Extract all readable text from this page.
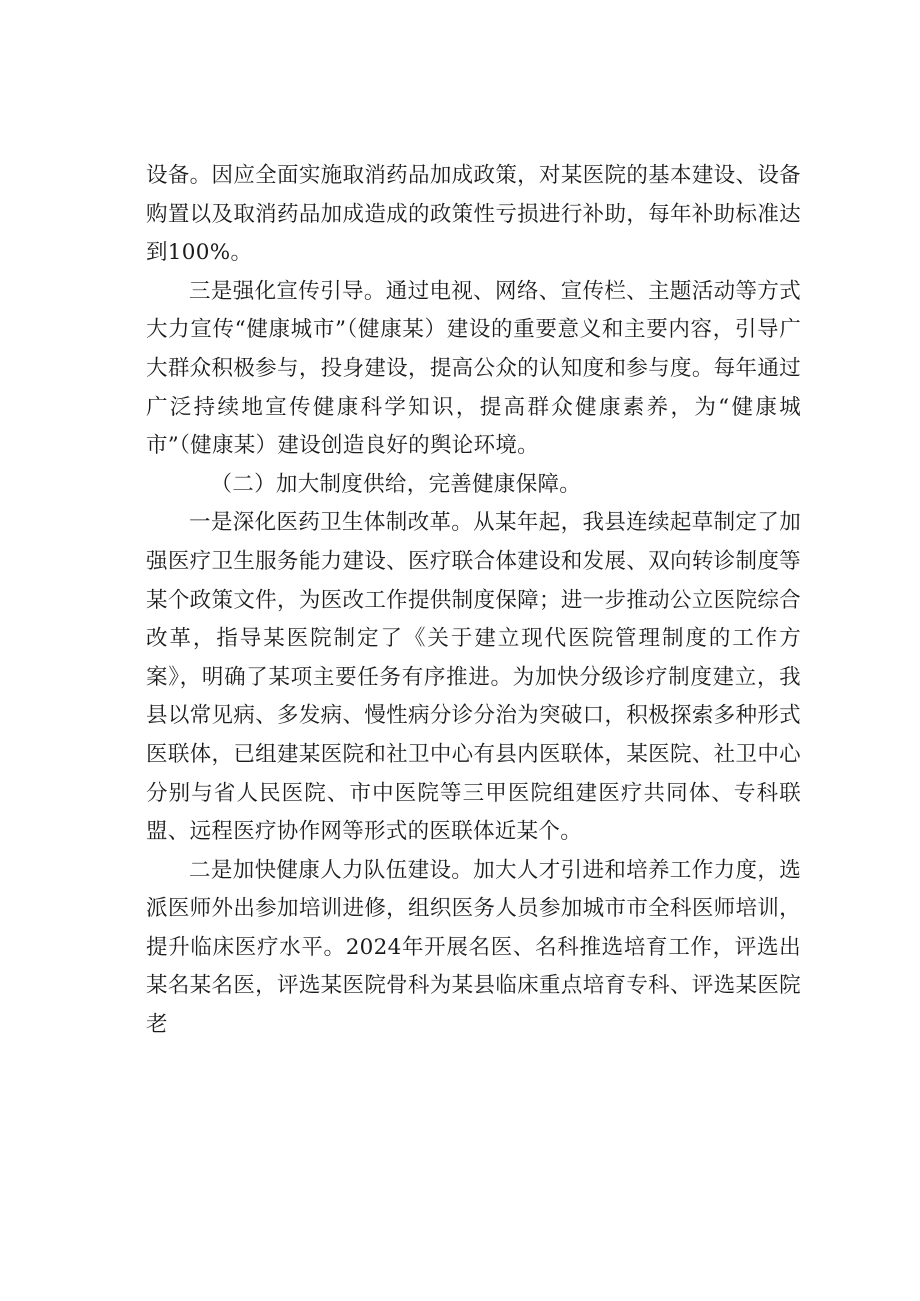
设备。因应全面实施取消药品加成政策，对某医院的基本建设、设备购置以及取消药品加成造成的政策性亏损进行补助，每年补助标准达到100%。

三是强化宣传引导。通过电视、网络、宣传栏、主题活动等方式大力宣传“健康城市”（健康某）建设的重要意义和主要内容，引导广大群众积极参与，投身建设，提高公众的认知度和参与度。每年通过广泛持续地宣传健康科学知识，提高群众健康素养，为“健康城市”（健康某）建设创造良好的舆论环境。

（二）加大制度供给，完善健康保障。

一是深化医药卫生体制改革。从某年起，我县连续起草制定了加强医疗卫生服务能力建设、医疗联合体建设和发展、双向转诊制度等某个政策文件，为医改工作提供制度保障；进一步推动公立医院综合改革，指导某医院制定了《关于建立现代医院管理制度的工作方案》，明确了某项主要任务有序推进。为加快分级诊疗制度建立，我县以常见病、多发病、慢性病分诊分治为突破口，积极探索多种形式医联体，已组建某医院和社卫中心有县内医联体，某医院、社卫中心分别与省人民医院、市中医院等三甲医院组建医疗共同体、专科联盟、远程医疗协作网等形式的医联体近某个。

二是加快健康人力队伍建设。加大人才引进和培养工作力度，选派医师外出参加培训进修，组织医务人员参加城市市全科医师培训，提升临床医疗水平。2024年开展名医、名科推选培育工作，评选出某名某名医，评选某医院骨科为某县临床重点培育专科、评选某医院老
